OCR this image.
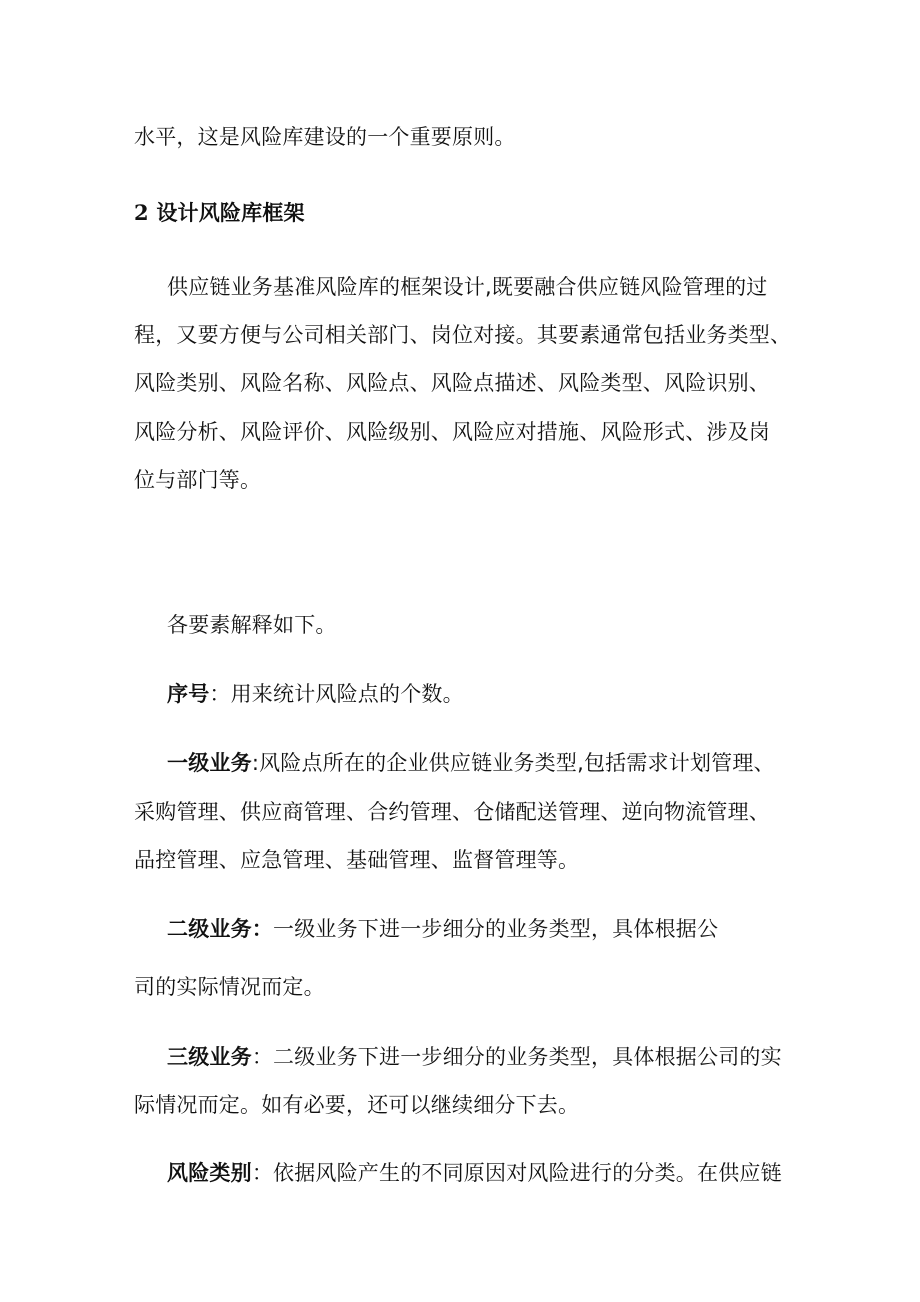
水平，这是风险库建设的一个重要原则。
2 设计风险库框架
供应链业务基准风险库的框架设计,既要融合供应链风险管理的过
程，又要方便与公司相关部门、岗位对接。其要素通常包括业务类型、
风险类别、风险名称、风险点、风险点描述、风险类型、风险识别、
风险分析、风险评价、风险级别、风险应对措施、风险形式、涉及岗
位与部门等。
各要素解释如下。
序号：用来统计风险点的个数。
一级业务:风险点所在的企业供应链业务类型,包括需求计划管理、
采购管理、供应商管理、合约管理、仓储配送管理、逆向物流管理、
品控管理、应急管理、基础管理、监督管理等。
二级业务：一级业务下进一步细分的业务类型，具体根据公
司的实际情况而定。
三级业务：二级业务下进一步细分的业务类型，具体根据公司的实
际情况而定。如有必要，还可以继续细分下去。
风险类别：依据风险产生的不同原因对风险进行的分类。在供应链
